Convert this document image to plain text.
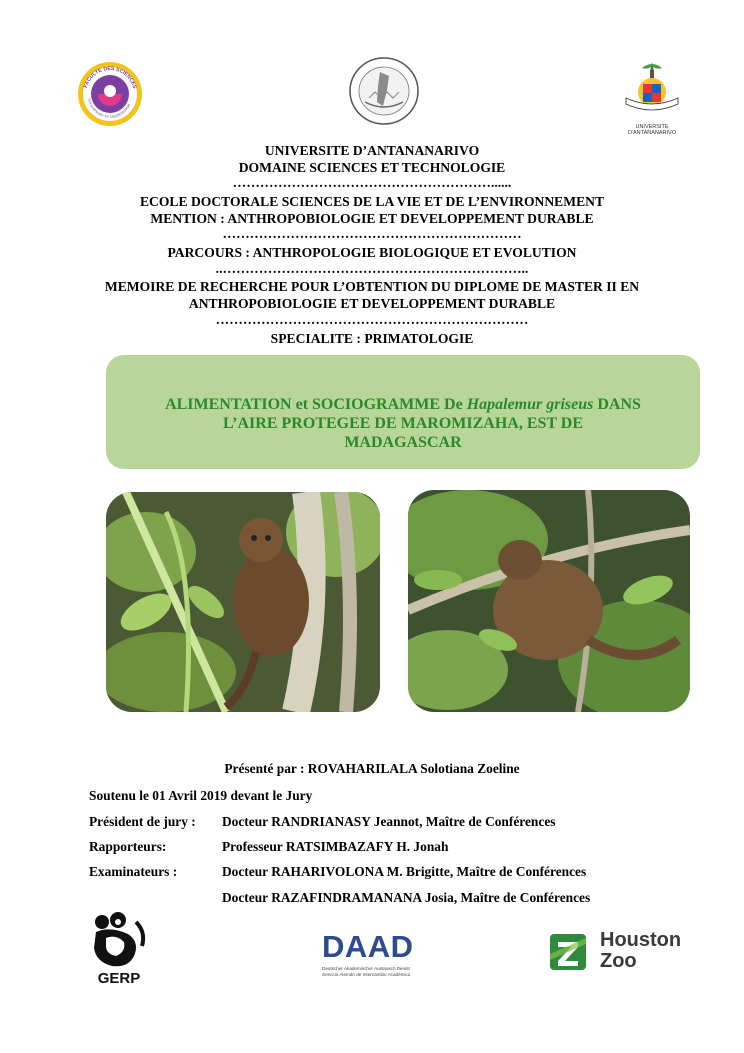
FACULTE DES SCIENCES
SOLIA APRORY NY FANDROSOANA
UNIVERSITE D'ANTANANARIVO
UNIVERSITE D’ANTANANARIVO
DOMAINE SCIENCES ET TECHNOLOGIE
…………………………………………………......
ECOLE DOCTORALE SCIENCES DE LA VIE ET DE L’ENVIRONNEMENT
MENTION : ANTHROPOBIOLOGIE ET DEVELOPPEMENT DURABLE
…………………………………………………………
PARCOURS : ANTHROPOLOGIE BIOLOGIQUE ET EVOLUTION
..…………………………………………………………..
MEMOIRE DE RECHERCHE POUR L’OBTENTION DU DIPLOME DE MASTER II EN
ANTHROPOBIOLOGIE ET DEVELOPPEMENT DURABLE
……………………………………………………………
SPECIALITE : PRIMATOLOGIE
ALIMENTATION et SOCIOGRAMME De Hapalemur griseus DANS
L’AIRE PROTEGEE DE MAROMIZAHA, EST DE
MADAGASCAR
Présenté par : ROVAHARILALA Solotiana Zoeline
Soutenu le 01 Avril 2019 devant le Jury
Président de jury : Docteur RANDRIANASY Jeannot, Maître de Conférences
Rapporteurs:	Professeur RATSIMBAZAFY H. Jonah
Examinateurs :	Docteur RAHARIVOLONA M. Brigitte, Maître de Conférences
Docteur RAZAFINDRAMANANA Josia, Maître de Conférences
GERP
DAAD
Deutscher Akademischer Austausch Dienst
Servicio Alemán de Intercambio Académico
Houston
Zoo
